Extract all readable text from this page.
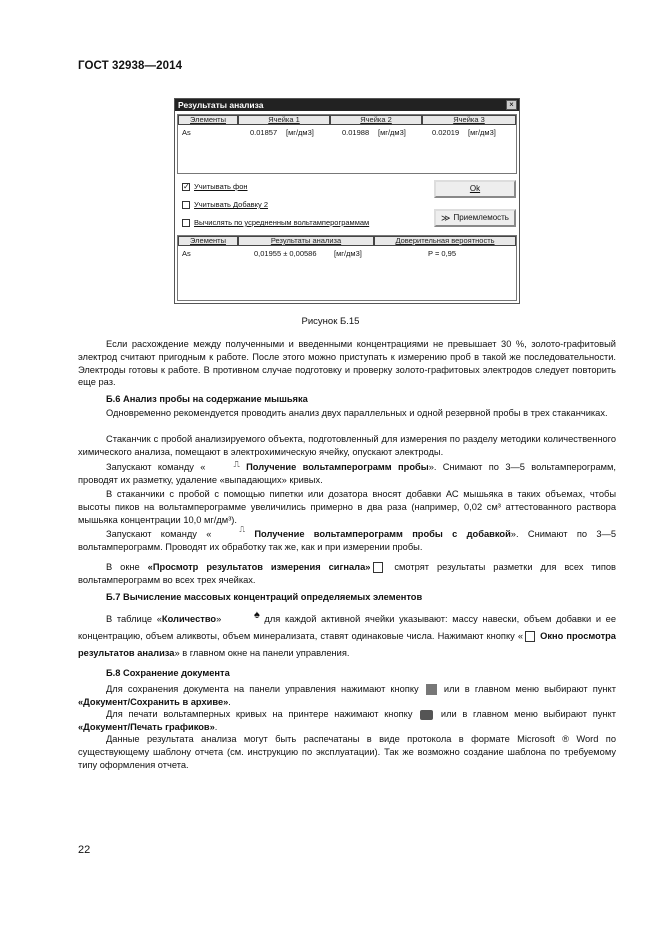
ГОСТ 32938—2014
Результаты анализа	×
Элементы	Ячейка 1	Ячейка 2	Ячейка 3
As	0.01857 [мг/дм3]	0.01988 [мг/дм3]	0.02019 [мг/дм3]
✓ Учитывать фон
Учитывать Добавку 2
Вычислять по усредненным вольтамперограммам
Ok
≫ Приемлемость
Элементы	Результаты анализа	Доверительная вероятность
As	0,01955 ± 0,00586 [мг/дм3]	P = 0,95
Рисунок Б.15
Если расхождение между полученными и введенными концентрациями не превышает 30 %, золото-графитовый электрод считают пригодным к работе. После этого можно приступать к измерению проб в такой же последовательности. Электроды готовы к работе. В противном случае подготовку и проверку золото-графитовых электродов следует повторить еще раз.
Б.6 Анализ пробы на содержание мышьяка
Одновременно рекомендуется проводить анализ двух параллельных и одной резервной пробы в трех стаканчиках.
Стаканчик с пробой анализируемого объекта, подготовленный для измерения по разделу методики количественного химического анализа, помещают в электрохимическую ячейку, опускают электроды.
Запускают команду «	⎍ Получение вольтамперограмм пробы». Снимают по 3—5 вольтамперограмм, проводят их разметку, удаление «выпадающих» кривых.
В стаканчики с пробой с помощью пипетки или дозатора вносят добавки АС мышьяка в таких объемах, чтобы высоты пиков на вольтамперограмме увеличились примерно в два раза (например, 0,02 см³ аттестованного раствора мышьяка концентрации 10,0 мг/дм³).
Запускают команду «	⎍ Получение вольтамперограмм пробы с добавкой». Снимают по 3—5 вольтамперограмм. Проводят их обработку так же, как и при измерении пробы.
В окне «Просмотр результатов измерения сигнала» смотрят результаты разметки для всех типов вольтамперограмм во всех трех ячейках.
Б.7 Вычисление массовых концентраций определяемых элементов
В таблице «Количество»	♠ для каждой активной ячейки указывают: массу навески, объем добавки и ее концентрацию, объем аликвоты, объем минерализата, ставят одинаковые числа. Нажимают кнопку « Окно просмотра результатов анализа» в главном окне на панели управления.
Б.8 Сохранение документа
Для сохранения документа на панели управления нажимают кнопку  или в главном меню выбирают пункт «Документ/Сохранить в архиве».
Для печати вольтамперных кривых на принтере нажимают кнопку  или в главном меню выбирают пункт «Документ/Печать графиков».
Данные результата анализа могут быть распечатаны в виде протокола в формате Microsoft ® Word по существующему шаблону отчета (см. инструкцию по эксплуатации). Так же возможно создание шаблона по требуемому типу оформления отчета.
22
